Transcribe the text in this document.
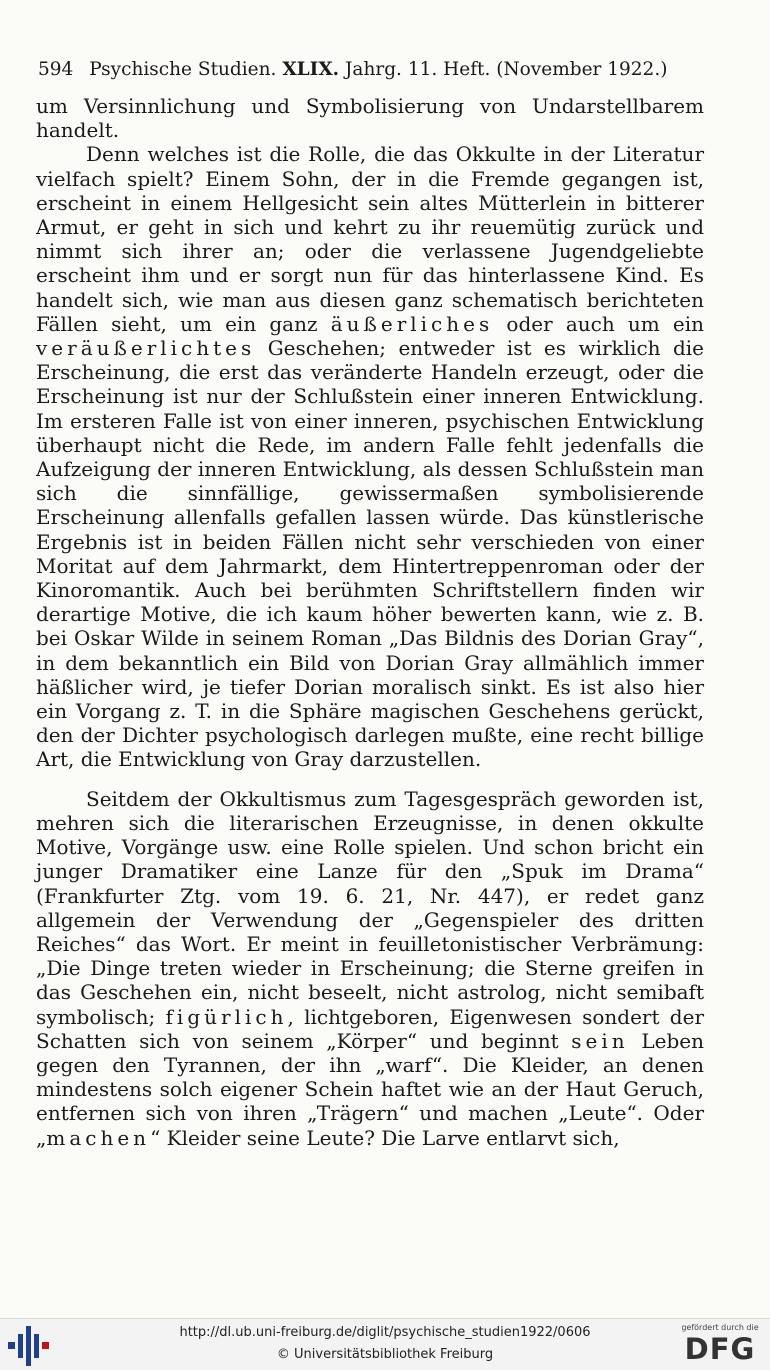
594 Psychische Studien. XLIX. Jahrg. 11. Heft. (November 1922.)

um Versinnlichung und Symbolisierung von Undarstellbarem handelt.

Denn welches ist die Rolle, die das Okkulte in der Literatur vielfach spielt? Einem Sohn, der in die Fremde gegangen ist, erscheint in einem Hellgesicht sein altes Mütterlein in bitterer Armut, er geht in sich und kehrt zu ihr reuemütig zurück und nimmt sich ihrer an; oder die verlassene Jugendgeliebte erscheint ihm und er sorgt nun für das hinterlassene Kind. Es handelt sich, wie man aus diesen ganz schematisch berichteten Fällen sieht, um ein ganz äußerliches oder auch um ein veräußerlichtes Geschehen; entweder ist es wirklich die Erscheinung, die erst das veränderte Handeln erzeugt, oder die Erscheinung ist nur der Schlußstein einer inneren Entwicklung. Im ersteren Falle ist von einer inneren, psychischen Entwicklung überhaupt nicht die Rede, im andern Falle fehlt jedenfalls die Aufzeigung der inneren Entwicklung, als dessen Schlußstein man sich die sinnfällige, gewissermaßen symbolisierende Erscheinung allenfalls gefallen lassen würde. Das künstlerische Ergebnis ist in beiden Fällen nicht sehr verschieden von einer Moritat auf dem Jahrmarkt, dem Hintertreppenroman oder der Kinoromantik. Auch bei berühmten Schriftstellern finden wir derartige Motive, die ich kaum höher bewerten kann, wie z. B. bei Oskar Wilde in seinem Roman „Das Bildnis des Dorian Gray“, in dem bekanntlich ein Bild von Dorian Gray allmählich immer häßlicher wird, je tiefer Dorian moralisch sinkt. Es ist also hier ein Vorgang z. T. in die Sphäre magischen Geschehens gerückt, den der Dichter psychologisch darlegen mußte, eine recht billige Art, die Entwicklung von Gray darzustellen.

Seitdem der Okkultismus zum Tagesgespräch geworden ist, mehren sich die literarischen Erzeugnisse, in denen okkulte Motive, Vorgänge usw. eine Rolle spielen. Und schon bricht ein junger Dramatiker eine Lanze für den „Spuk im Drama“ (Frankfurter Ztg. vom 19. 6. 21, Nr. 447), er redet ganz allgemein der Verwendung der „Gegenspieler des dritten Reiches“ das Wort. Er meint in feuilletonistischer Verbrämung: „Die Dinge treten wieder in Erscheinung; die Sterne greifen in das Geschehen ein, nicht beseelt, nicht astrolog, nicht semibaft symbolisch; figürlich, lichtgeboren, Eigenwesen sondert der Schatten sich von seinem „Körper“ und beginnt sein Leben gegen den Tyrannen, der ihn „warf“. Die Kleider, an denen mindestens solch eigener Schein haftet wie an der Haut Geruch, entfernen sich von ihren „Trägern“ und machen „Leute“. Oder „machen“ Kleider seine Leute? Die Larve entlarvt sich,

http://dl.ub.uni-freiburg.de/diglit/psychische_studien1922/0606
© Universitätsbibliothek Freiburg
gefördert durch die
DFG
